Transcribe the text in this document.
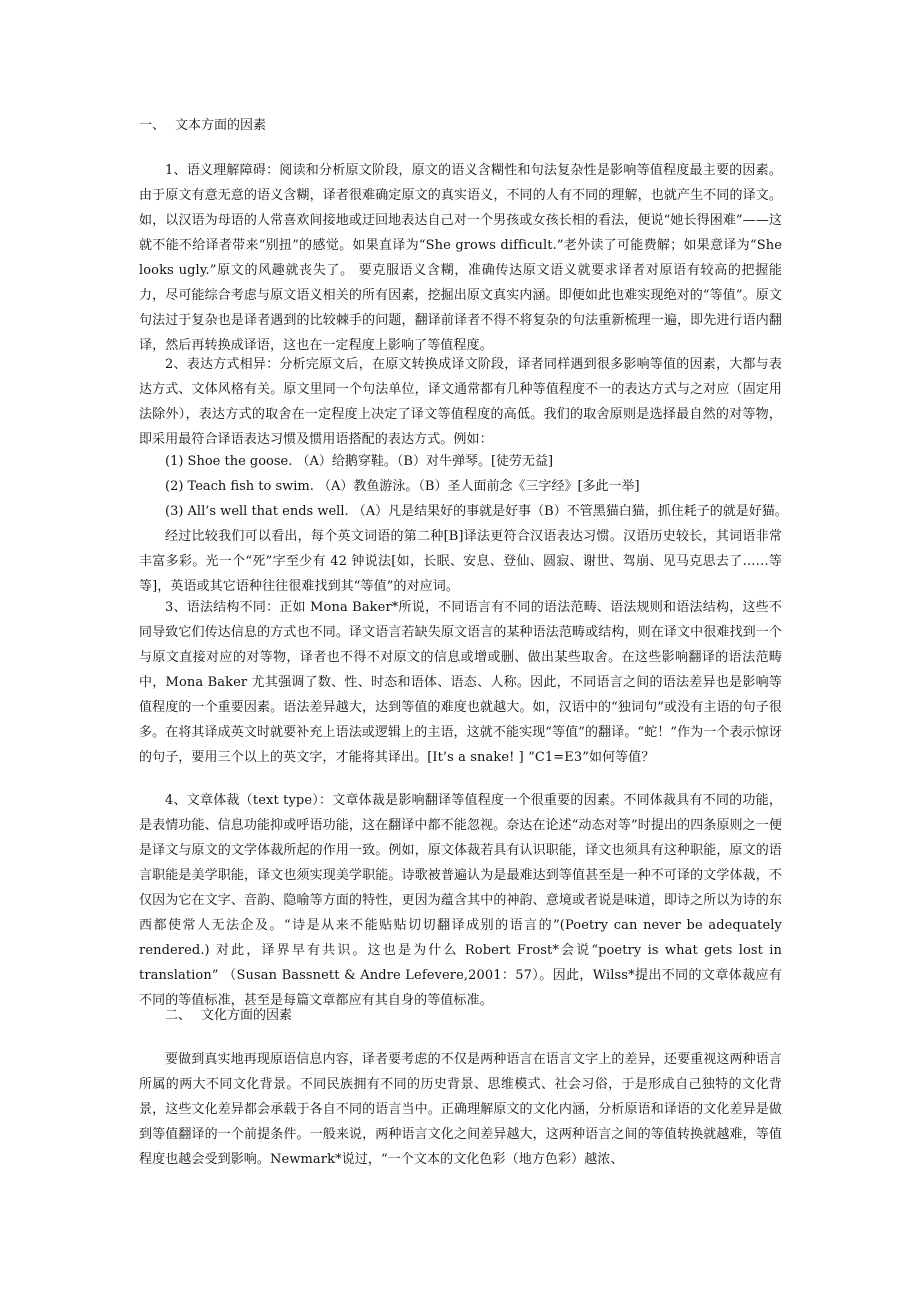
一、 文本方面的因素

1、语义理解障碍：阅读和分析原文阶段，原文的语义含糊性和句法复杂性是影响等值程度最主要的因素。由于原文有意无意的语义含糊，译者很难确定原文的真实语义，不同的人有不同的理解，也就产生不同的译文。如，以汉语为母语的人常喜欢间接地或迂回地表达自己对一个男孩或女孩长相的看法，便说“她长得困难”——这就不能不给译者带来“别扭”的感觉。如果直译为“She grows difficult.”老外读了可能费解；如果意译为“She looks ugly.”原文的风趣就丧失了。 要克服语义含糊，准确传达原文语义就要求译者对原语有较高的把握能力，尽可能综合考虑与原文语义相关的所有因素，挖掘出原文真实内涵。即便如此也难实现绝对的“等值”。原文句法过于复杂也是译者遇到的比较棘手的问题，翻译前译者不得不将复杂的句法重新梳理一遍，即先进行语内翻译，然后再转换成译语，这也在一定程度上影响了等值程度。

2、表达方式相异：分析完原文后，在原文转换成译文阶段，译者同样遇到很多影响等值的因素，大都与表达方式、文体风格有关。原文里同一个句法单位，译文通常都有几种等值程度不一的表达方式与之对应（固定用法除外），表达方式的取舍在一定程度上决定了译文等值程度的高低。我们的取舍原则是选择最自然的对等物，即采用最符合译语表达习惯及惯用语搭配的表达方式。例如：

(1) Shoe the goose. （A）给鹅穿鞋。（B）对牛弹琴。[徒劳无益]

(2) Teach fish to swim. （A）教鱼游泳。（B）圣人面前念《三字经》[多此一举]

(3) All’s well that ends well. （A）凡是结果好的事就是好事（B）不管黑猫白猫，抓住耗子的就是好猫。

经过比较我们可以看出，每个英文词语的第二种[B]译法更符合汉语表达习惯。汉语历史较长，其词语非常丰富多彩。光一个“死”字至少有 42 钟说法[如，长眠、安息、登仙、圆寂、谢世、驾崩、见马克思去了……等等]，英语或其它语种往往很难找到其“等值”的对应词。

3、语法结构不同：正如 Mona Baker*所说，不同语言有不同的语法范畴、语法规则和语法结构，这些不同导致它们传达信息的方式也不同。译文语言若缺失原文语言的某种语法范畴或结构，则在译文中很难找到一个与原文直接对应的对等物，译者也不得不对原文的信息或增或删、做出某些取舍。在这些影响翻译的语法范畴中，Mona Baker 尤其强调了数、性、时态和语体、语态、人称。因此，不同语言之间的语法差异也是影响等值程度的一个重要因素。语法差异越大，达到等值的难度也就越大。如，汉语中的“独词句”或没有主语的句子很多。在将其译成英文时就要补充上语法或逻辑上的主语，这就不能实现“等值”的翻译。“蛇！”作为一个表示惊讶的句子，要用三个以上的英文字，才能将其译出。[It’s a snake! ] “C1=E3”如何等值？

4、文章体裁（text type）：文章体裁是影响翻译等值程度一个很重要的因素。不同体裁具有不同的功能，是表情功能、信息功能抑或呼语功能，这在翻译中都不能忽视。奈达在论述“动态对等”时提出的四条原则之一便是译文与原文的文学体裁所起的作用一致。例如，原文体裁若具有认识职能，译文也须具有这种职能，原文的语言职能是美学职能，译文也须实现美学职能。诗歌被普遍认为是最难达到等值甚至是一种不可译的文学体裁，不仅因为它在文字、音韵、隐喻等方面的特性，更因为蕴含其中的神韵、意境或者说是味道，即诗之所以为诗的东西都使常人无法企及。“诗是从来不能贴贴切切翻译成别的语言的”(Poetry can never be adequately rendered.) 对此，译界早有共识。这也是为什么 Robert Frost*会说“poetry is what gets lost in translation” （Susan Bassnett & Andre Lefevere,2001：57）。因此，Wilss*提出不同的文章体裁应有不同的等值标准，甚至是每篇文章都应有其自身的等值标准。

二、 文化方面的因素

要做到真实地再现原语信息内容，译者要考虑的不仅是两种语言在语言文字上的差异，还要重视这两种语言所属的两大不同文化背景。不同民族拥有不同的历史背景、思维模式、社会习俗，于是形成自己独特的文化背景，这些文化差异都会承载于各自不同的语言当中。正确理解原文的文化内涵，分析原语和译语的文化差异是做到等值翻译的一个前提条件。一般来说，两种语言文化之间差异越大，这两种语言之间的等值转换就越难，等值程度也越会受到影响。Newmark*说过，“一个文本的文化色彩（地方色彩）越浓、
